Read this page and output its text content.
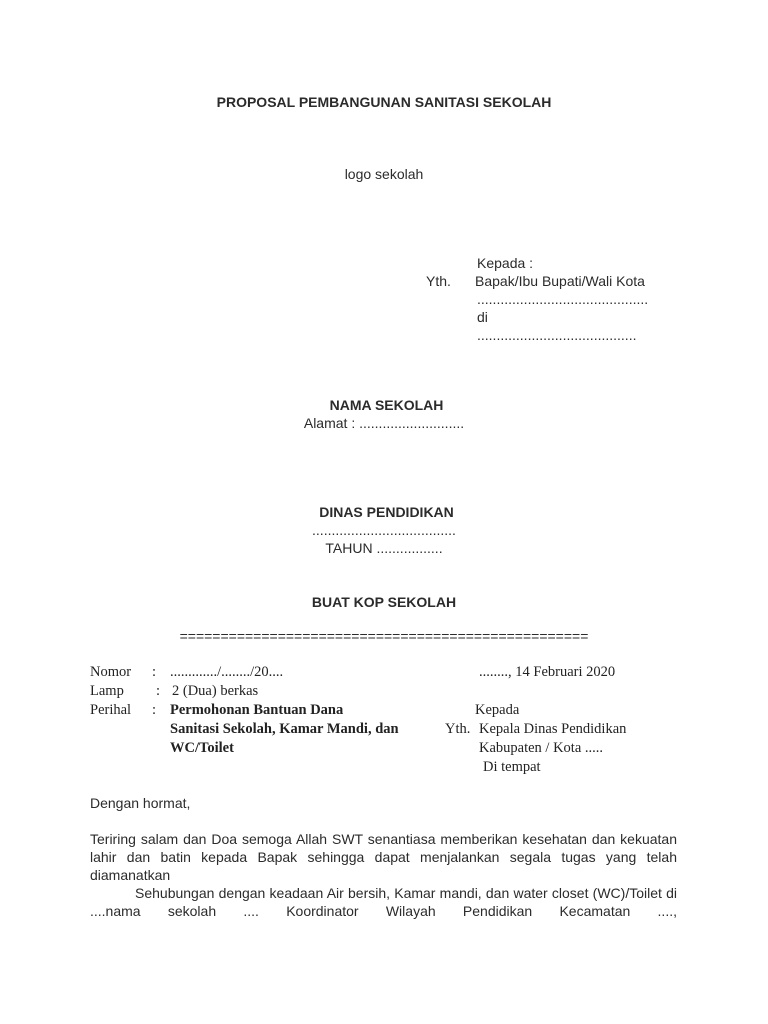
PROPOSAL PEMBANGUNAN SANITASI SEKOLAH
logo sekolah
Kepada :
Yth. Bapak/Ibu Bupati/Wali Kota
............................................
di
.........................................
NAMA SEKOLAH
Alamat : ...........................
DINAS PENDIDIKAN
.....................................
TAHUN .................
BUAT KOP SEKOLAH
==================================================
Nomor : ............./......../20....
Lamp : 2 (Dua) berkas
Perihal : Permohonan Bantuan Dana
Sanitasi Sekolah, Kamar Mandi, dan
WC/Toilet
........, 14 Februari 2020
Kepada
Yth. Kepala Dinas Pendidikan
Kabupaten / Kota .....
Di tempat
Dengan hormat,
Teriring salam dan Doa semoga Allah SWT senantiasa memberikan kesehatan dan kekuatan lahir dan batin kepada Bapak sehingga dapat menjalankan segala tugas yang telah diamanatkan
Sehubungan dengan keadaan Air bersih, Kamar mandi, dan water closet (WC)/Toilet di ....nama sekolah .... Koordinator Wilayah Pendidikan Kecamatan ....,
